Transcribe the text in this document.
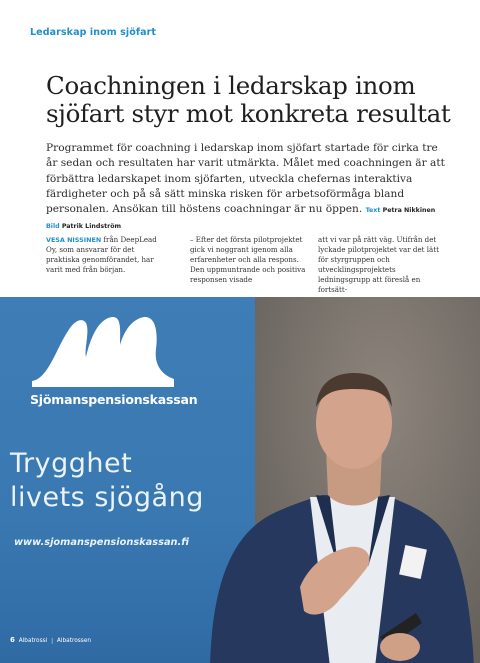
Ledarskap inom sjöfart
Coachningen i ledarskap inom sjöfart styr mot konkreta resultat

Programmet för coachning i ledarskap inom sjöfart startade för cirka tre år sedan och resultaten har varit utmärkta. Målet med coachningen är att förbättra ledarskapet inom sjöfarten, utveckla chefernas interaktiva färdigheter och på så sätt minska risken för arbetsoförmåga bland personalen. Ansökan till höstens coachningar är nu öppen. Text Petra Nikkinen Bild Patrik Lindström

VESA NISSINEN från DeepLead Oy, som ansvarar för det praktiska genomförandet, har varit med från början.

– Efter det första pilotprojektet gick vi noggrant igenom alla erfarenheter och alla respons. Den uppmuntrande och positiva responsen visade

att vi var på rätt väg. Utifrån det lyckade pilotprojektet var det lätt för styrgruppen och utvecklingsprojektets ledningsgrupp att föreslå en fortsätt-

Sjömanspensionskassan
Trygghet
livets sjögång
www.sjomanspensionskassan.fi
6 Albatrossi | Albatrossen
